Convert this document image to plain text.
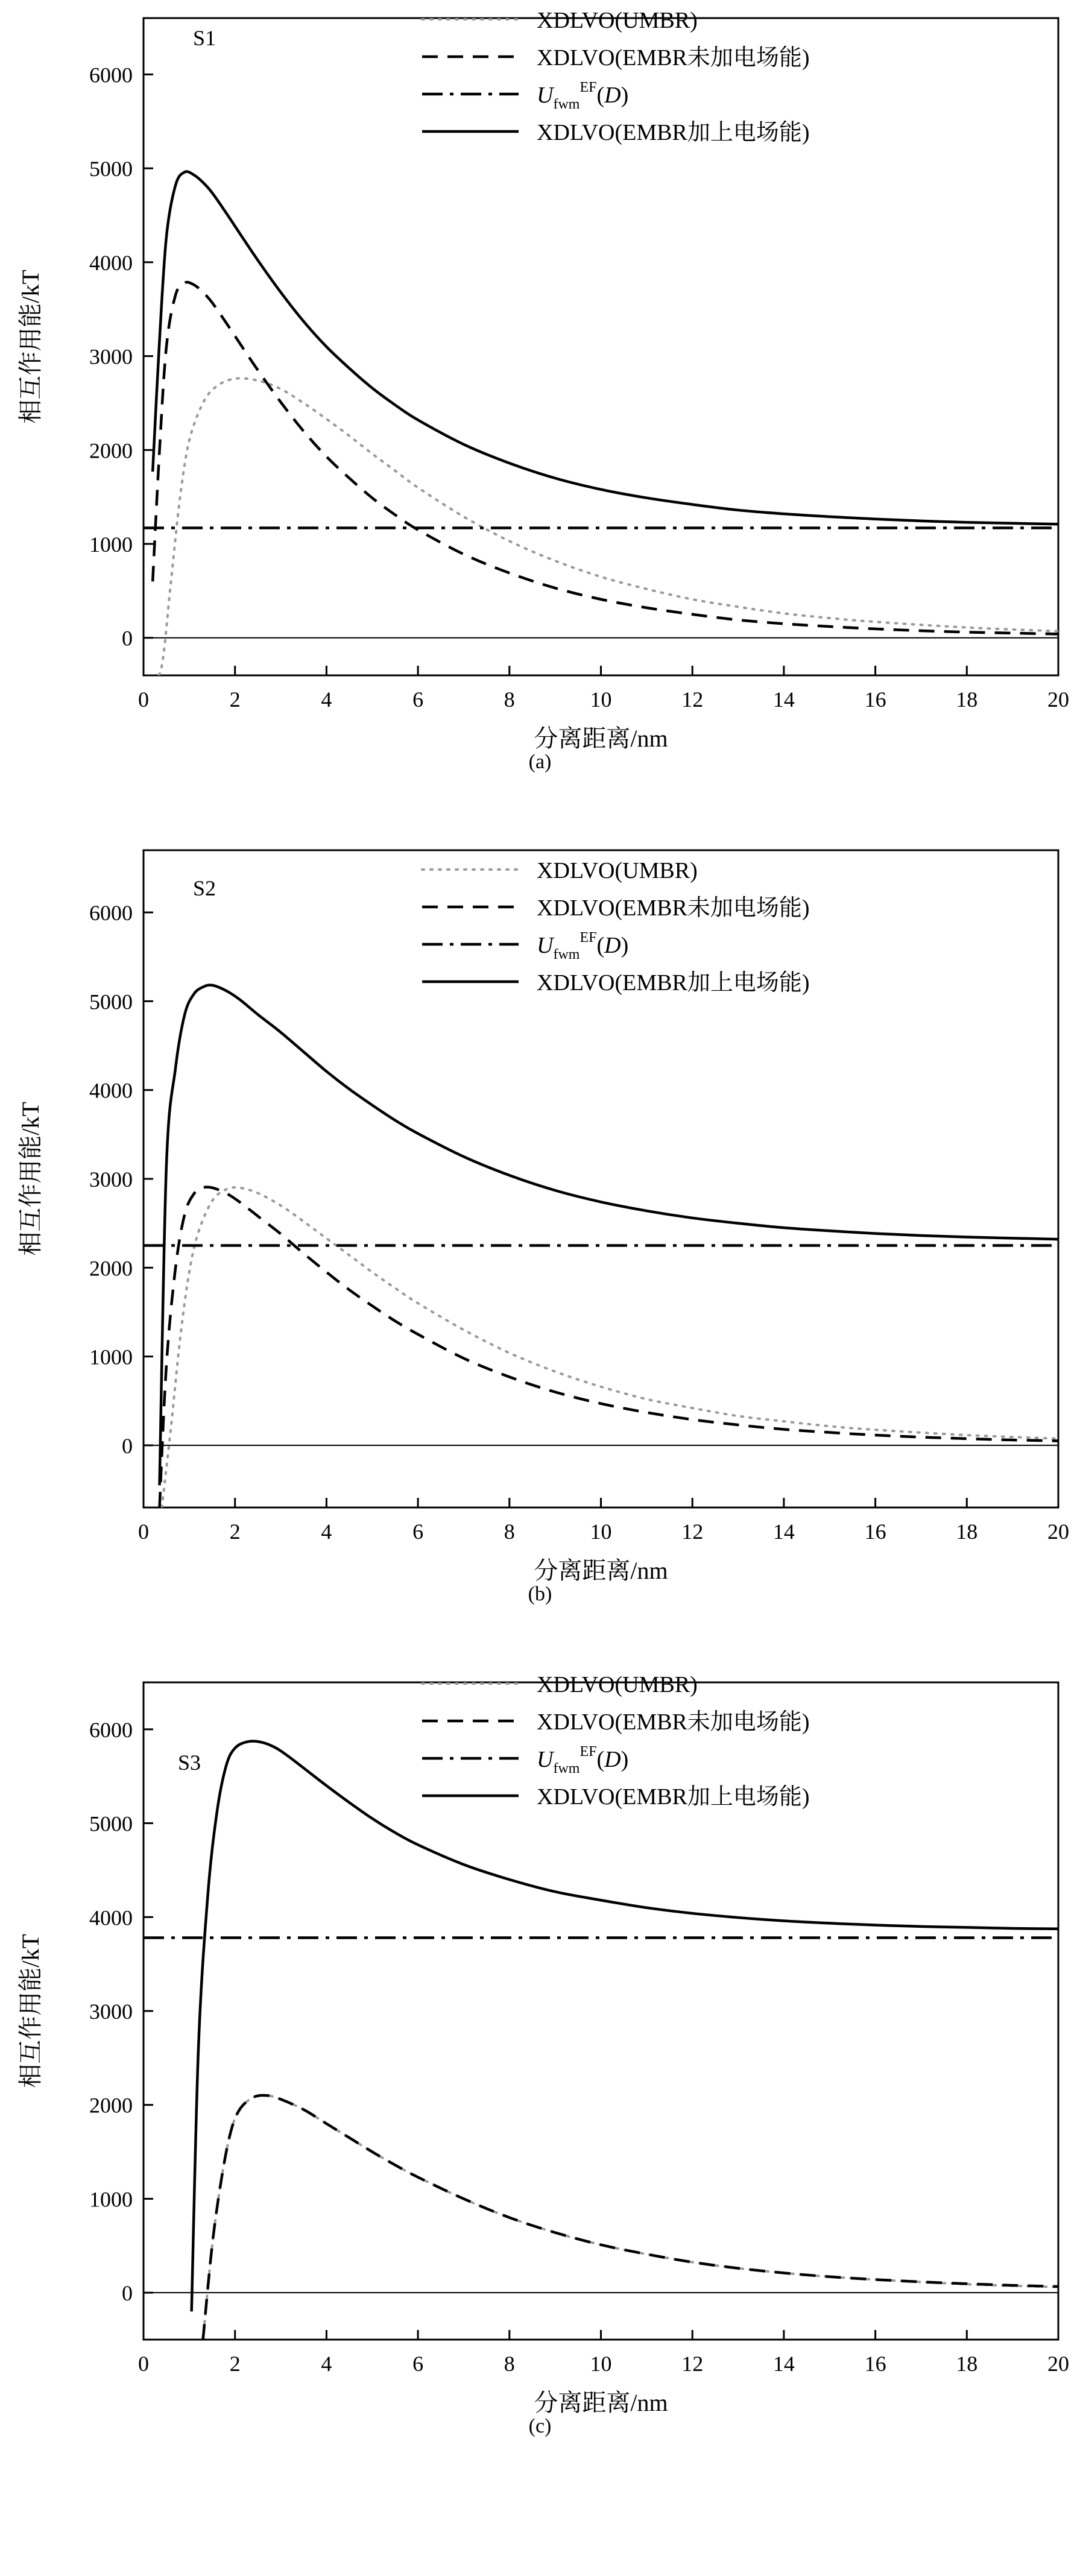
0	2	4	6	8	10	12	14	16	18	20
0
1000
2000
3000
4000
5000
6000
分离距离/nm
相互作用能/kT
S1
XDLVO(UMBR)
XDLVO(EMBR未加电场能)
$U_{fwm}^{EF}(D)$
XDLVO(EMBR加上电场能)
(a)
0	2	4	6	8	10	12	14	16	18	20
0
1000
2000
3000
4000
5000
6000
分离距离/nm
相互作用能/kT
S2
XDLVO(UMBR)
XDLVO(EMBR未加电场能)
$U_{fwm}^{EF}(D)$
XDLVO(EMBR加上电场能)
(b)
0	2	4	6	8	10	12	14	16	18	20
0
1000
2000
3000
4000
5000
6000
分离距离/nm
相互作用能/kT
S3
XDLVO(UMBR)
XDLVO(EMBR未加电场能)
$U_{fwm}^{EF}(D)$
XDLVO(EMBR加上电场能)
(c)
